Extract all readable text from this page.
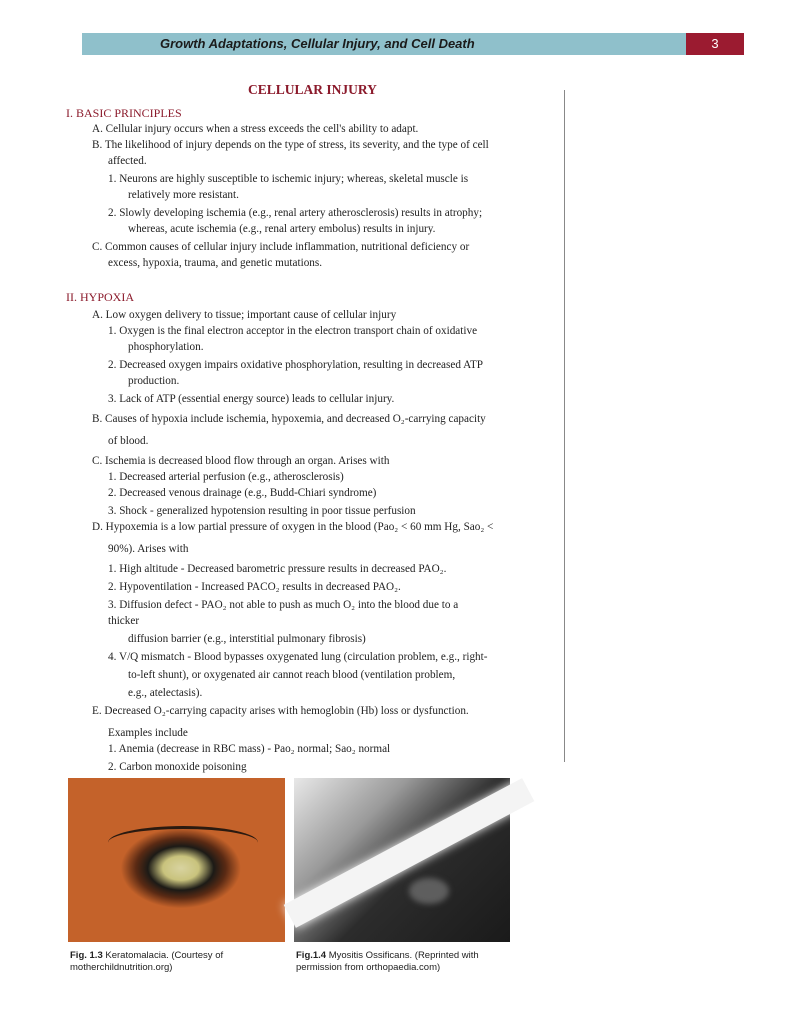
Growth Adaptations, Cellular Injury, and Cell Death	3
CELLULAR INJURY
I. BASIC PRINCIPLES
A. Cellular injury occurs when a stress exceeds the cell's ability to adapt.
B. The likelihood of injury depends on the type of stress, its severity, and the type of cell
affected.
1. Neurons are highly susceptible to ischemic injury; whereas, skeletal muscle is
relatively more resistant.
2. Slowly developing ischemia (e.g., renal artery atherosclerosis) results in atrophy;
whereas, acute ischemia (e.g., renal artery embolus) results in injury.
C. Common causes of cellular injury include inflammation, nutritional deficiency or
excess, hypoxia, trauma, and genetic mutations.
II. HYPOXIA
A. Low oxygen delivery to tissue; important cause of cellular injury
1. Oxygen is the final electron acceptor in the electron transport chain of oxidative
phosphorylation.
2. Decreased oxygen impairs oxidative phosphorylation, resulting in decreased ATP
production.
3. Lack of ATP (essential energy source) leads to cellular injury.
B. Causes of hypoxia include ischemia, hypoxemia, and decreased O₂-carrying capacity
of blood.
C. Ischemia is decreased blood flow through an organ. Arises with
1. Decreased arterial perfusion (e.g., atherosclerosis)
2. Decreased venous drainage (e.g., Budd-Chiari syndrome)
3. Shock - generalized hypotension resulting in poor tissue perfusion
D. Hypoxemia is a low partial pressure of oxygen in the blood (Pao₂ < 60 mm Hg, Sao₂ <
90%). Arises with
1. High altitude - Decreased barometric pressure results in decreased PAO₂.
2. Hypoventilation - Increased PACO₂ results in decreased PAO₂.
3. Diffusion defect - PAO₂ not able to push as much O₂ into the blood due to a
thicker
diffusion barrier (e.g., interstitial pulmonary fibrosis)
4. V/Q mismatch - Blood bypasses oxygenated lung (circulation problem, e.g., right-
to-left shunt), or oxygenated air cannot reach blood (ventilation problem,
e.g., atelectasis).
E. Decreased O₂-carrying capacity arises with hemoglobin (Hb) loss or dysfunction.
Examples include
1. Anemia (decrease in RBC mass) - Pao₂ normal; Sao₂ normal
2. Carbon monoxide poisoning
Fig. 1.3 Keratomalacia. (Courtesy of
motherchildnutrition.org)
Fig.1.4 Myositis Ossificans. (Reprinted with
permission from orthopaedia.com)
